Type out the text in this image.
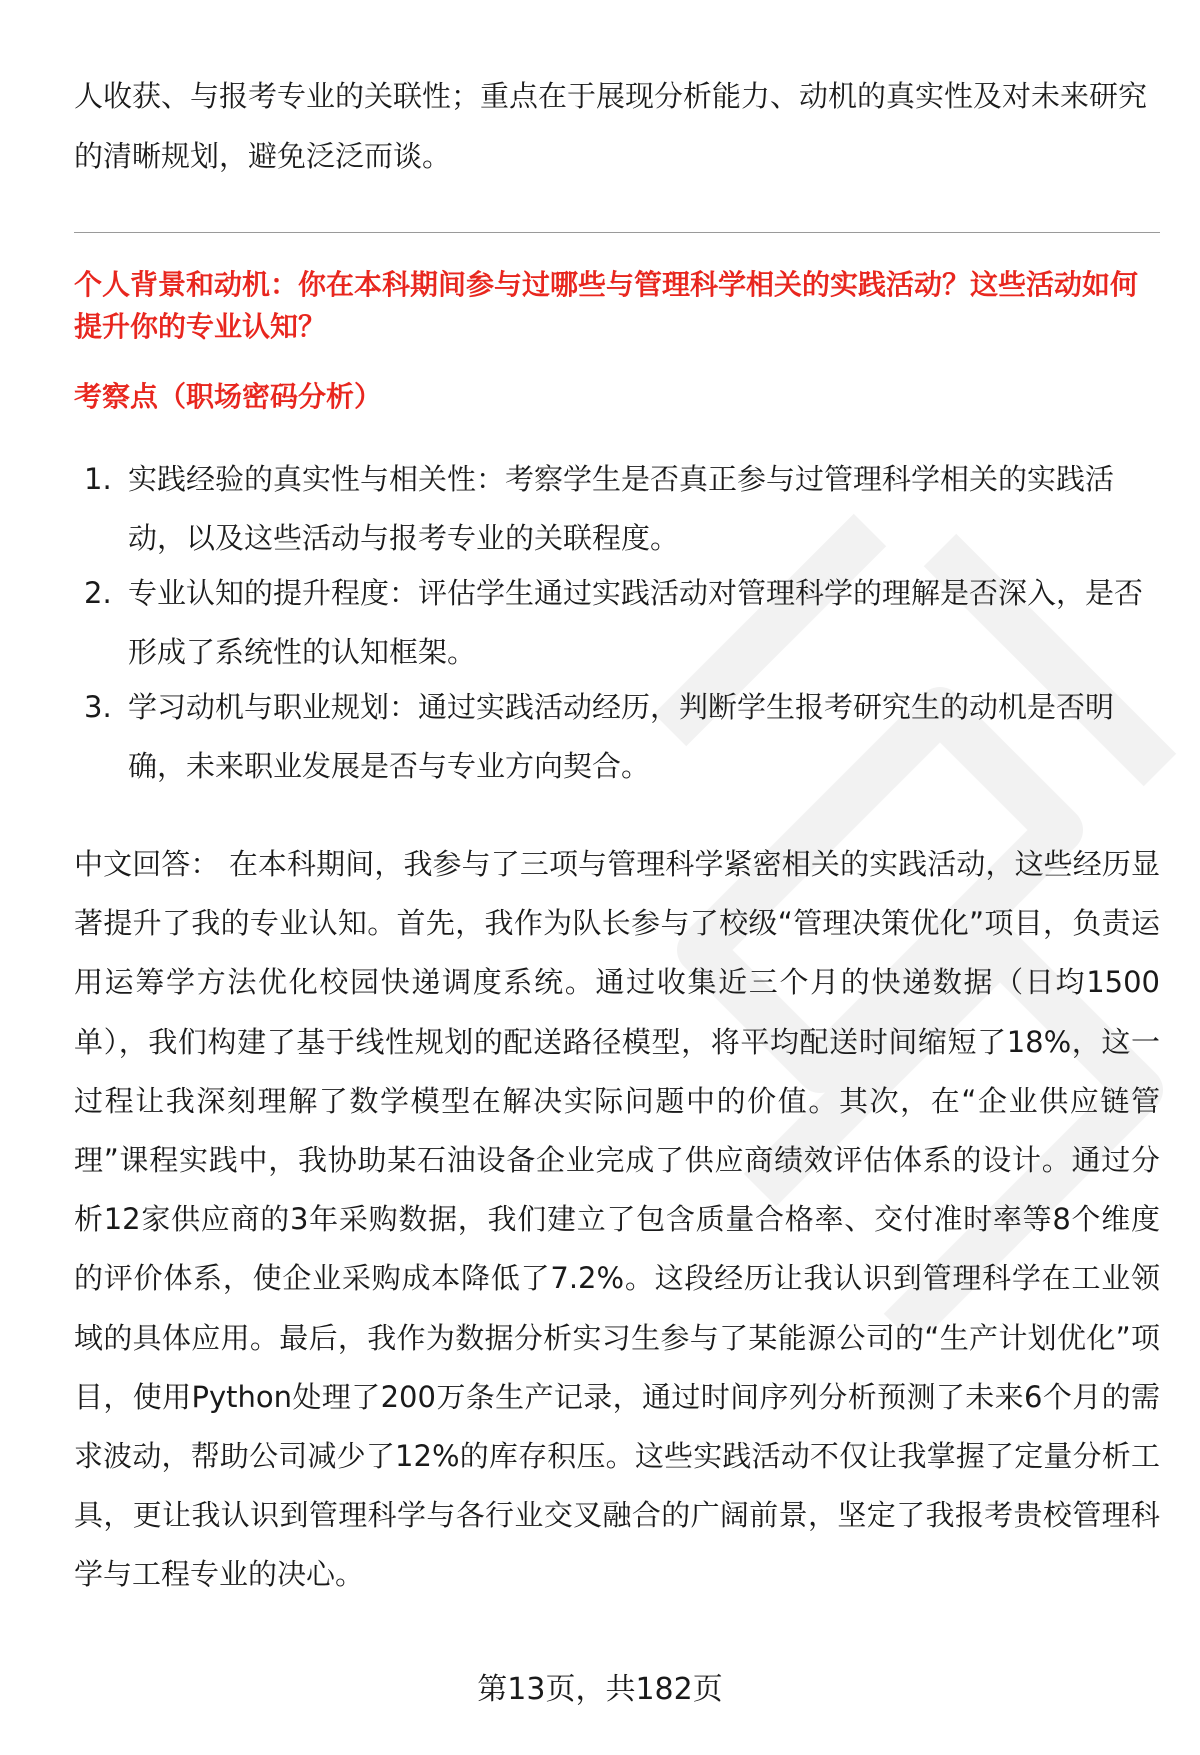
人收获、与报考专业的关联性；重点在于展现分析能力、动机的真实性及对未来研究的清晰规划，避免泛泛而谈。

个人背景和动机：你在本科期间参与过哪些与管理科学相关的实践活动？这些活动如何提升你的专业认知？

考察点（职场密码分析）

1. 实践经验的真实性与相关性：考察学生是否真正参与过管理科学相关的实践活动，以及这些活动与报考专业的关联程度。
2. 专业认知的提升程度：评估学生通过实践活动对管理科学的理解是否深入，是否形成了系统性的认知框架。
3. 学习动机与职业规划：通过实践活动经历，判断学生报考研究生的动机是否明确，未来职业发展是否与专业方向契合。

中文回答： 在本科期间，我参与了三项与管理科学紧密相关的实践活动，这些经历显著提升了我的专业认知。首先，我作为队长参与了校级“管理决策优化”项目，负责运用运筹学方法优化校园快递调度系统。通过收集近三个月的快递数据（日均1500单），我们构建了基于线性规划的配送路径模型，将平均配送时间缩短了18%，这一过程让我深刻理解了数学模型在解决实际问题中的价值。其次，在“企业供应链管理”课程实践中，我协助某石油设备企业完成了供应商绩效评估体系的设计。通过分析12家供应商的3年采购数据，我们建立了包含质量合格率、交付准时率等8个维度的评价体系，使企业采购成本降低了7.2%。这段经历让我认识到管理科学在工业领域的具体应用。最后，我作为数据分析实习生参与了某能源公司的“生产计划优化”项目，使用Python处理了200万条生产记录，通过时间序列分析预测了未来6个月的需求波动，帮助公司减少了12%的库存积压。这些实践活动不仅让我掌握了定量分析工具，更让我认识到管理科学与各行业交叉融合的广阔前景，坚定了我报考贵校管理科学与工程专业的决心。

第13页，共182页
